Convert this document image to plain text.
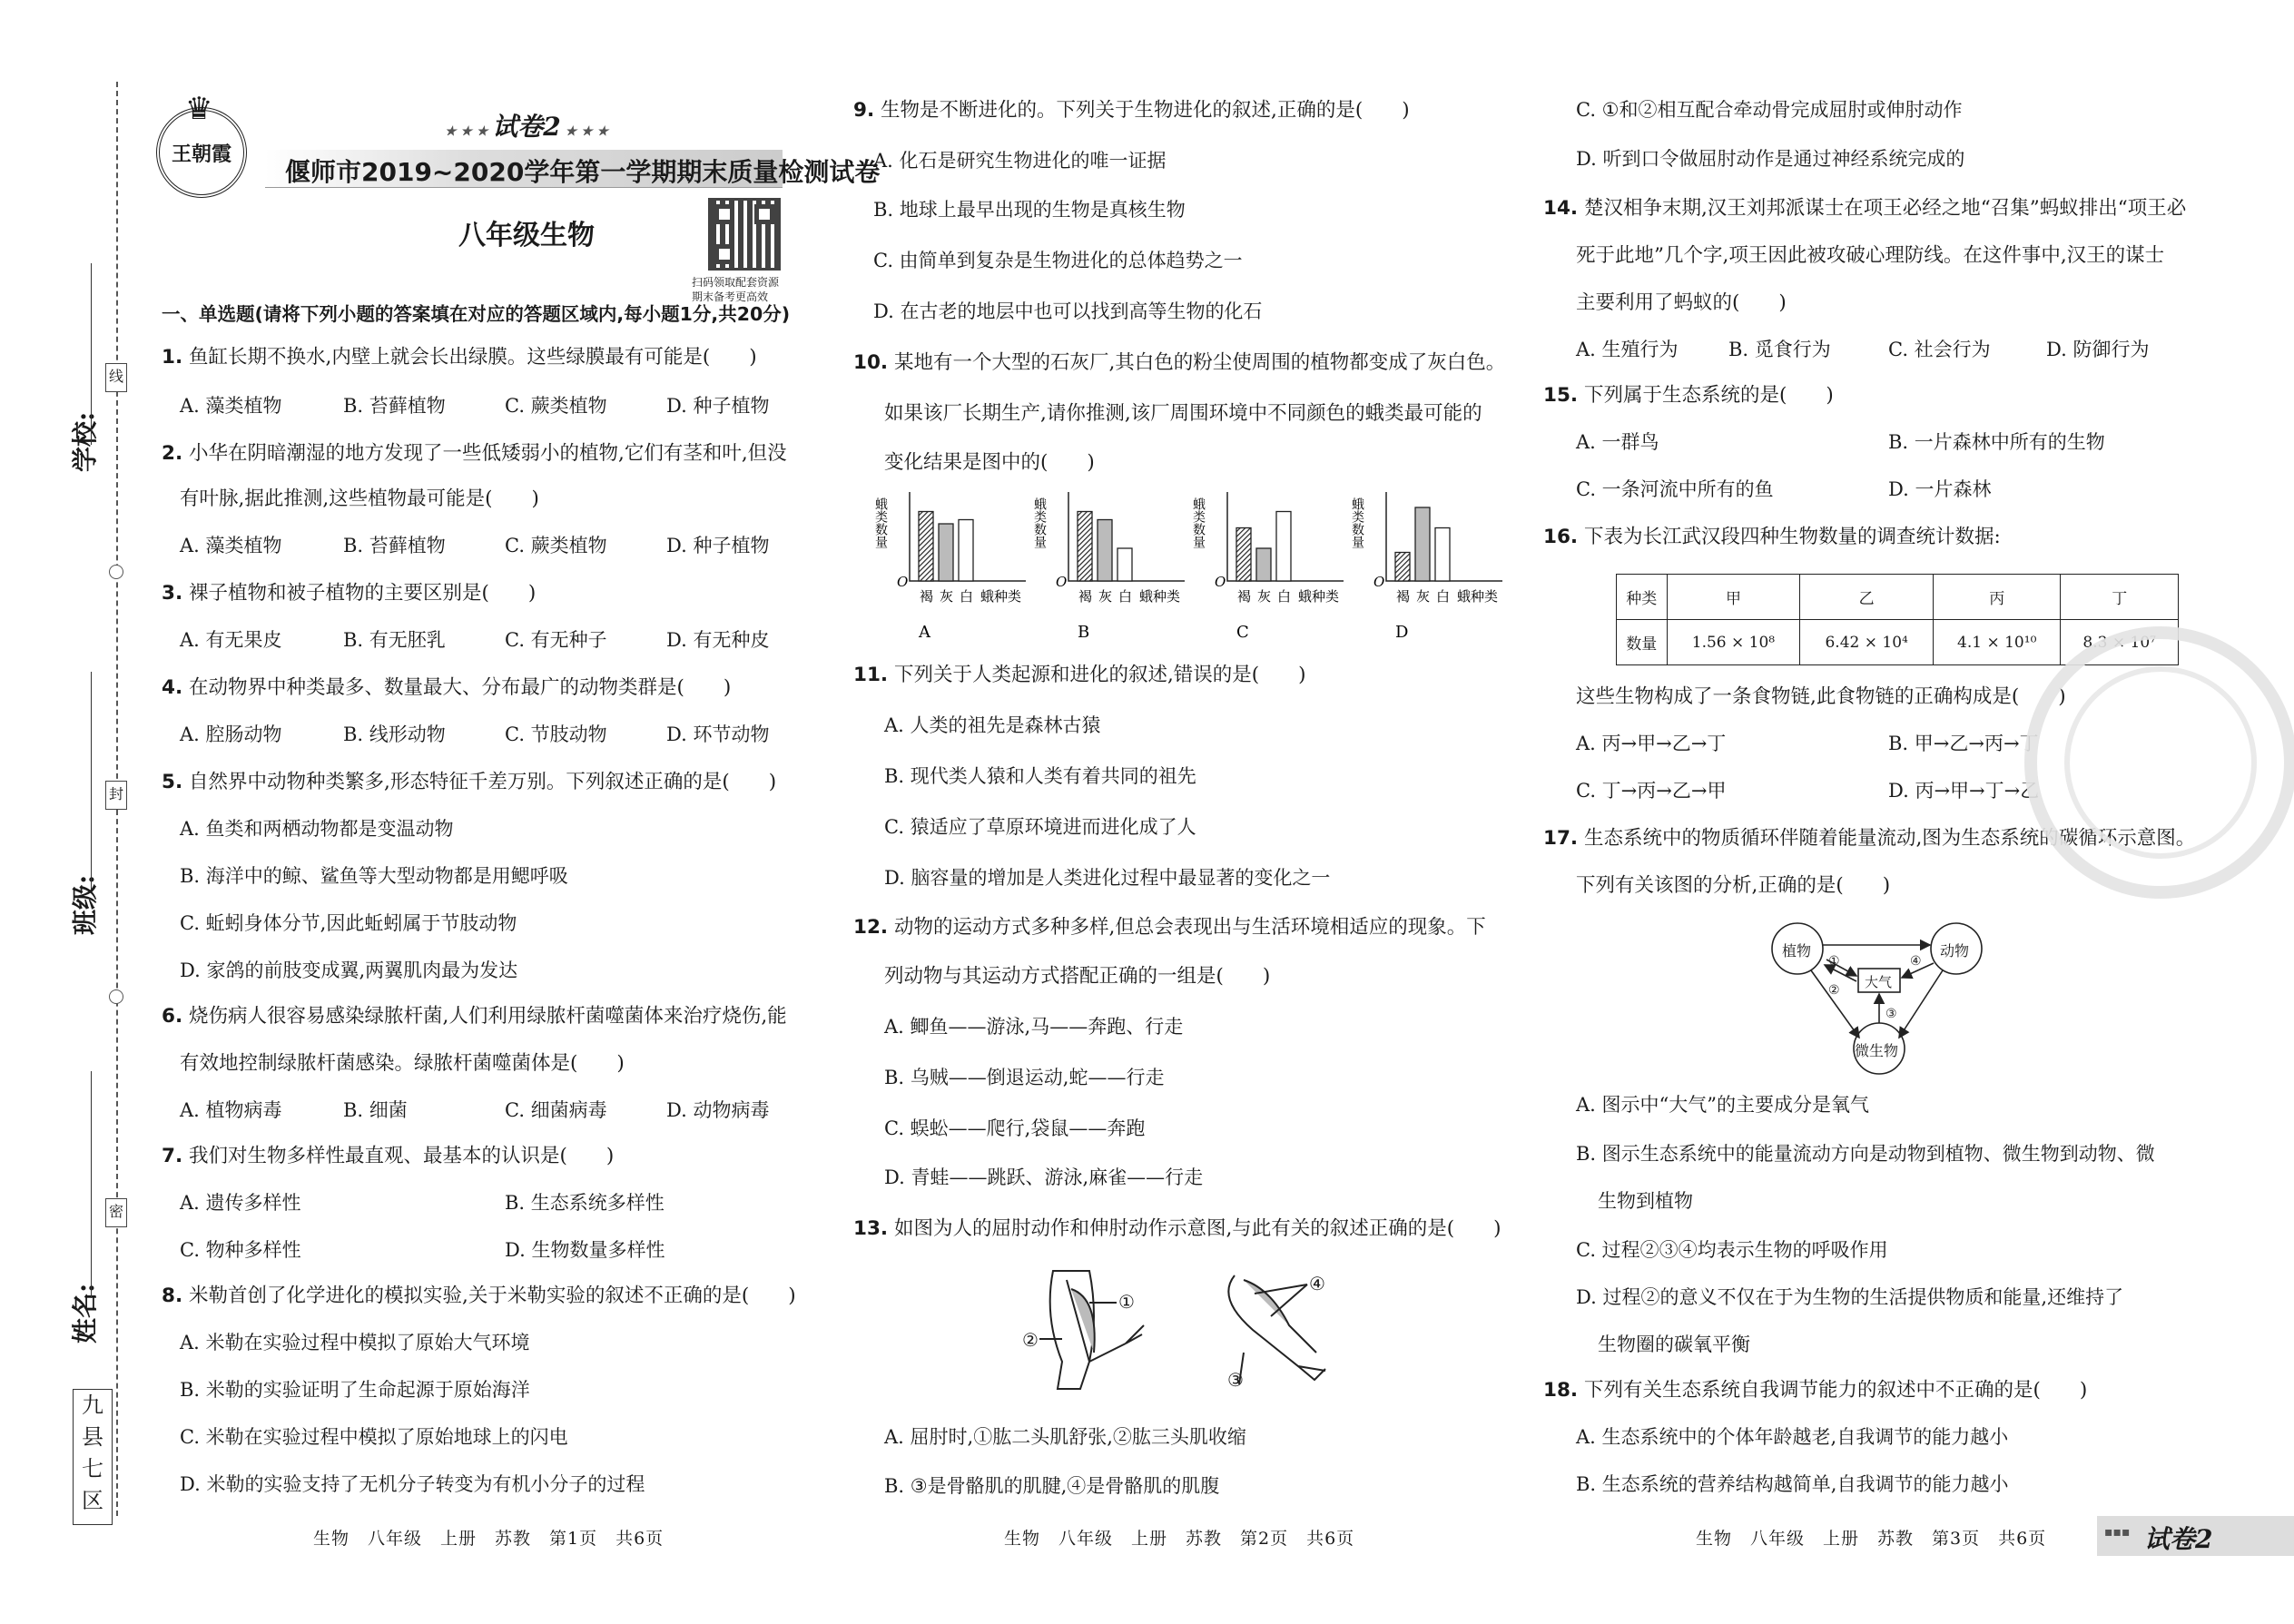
线
封
密
学校:
班级:
姓名:
九
县
七
区
♛
王朝霞
★ ★ ★ 试卷2 ★ ★ ★
偃师市2019~2020学年第一学期期末质量检测试卷
八年级生物
扫码领取配套资源
期末备考更高效
一、单选题(请将下列小题的答案填在对应的答题区域内,每小题1分,共20分)
1. 鱼缸长期不换水,内壁上就会长出绿膜。这些绿膜最有可能是(　　)
A. 藻类植物	B. 苔藓植物	C. 蕨类植物	D. 种子植物
2. 小华在阴暗潮湿的地方发现了一些低矮弱小的植物,它们有茎和叶,但没
有叶脉,据此推测,这些植物最可能是(　　)
A. 藻类植物	B. 苔藓植物	C. 蕨类植物	D. 种子植物
3. 裸子植物和被子植物的主要区别是(　　)
A. 有无果皮	B. 有无胚乳	C. 有无种子	D. 有无种皮
4. 在动物界中种类最多、数量最大、分布最广的动物类群是(　　)
A. 腔肠动物	B. 线形动物	C. 节肢动物	D. 环节动物
5. 自然界中动物种类繁多,形态特征千差万别。下列叙述正确的是(　　)
A. 鱼类和两栖动物都是变温动物
B. 海洋中的鲸、鲨鱼等大型动物都是用鳃呼吸
C. 蚯蚓身体分节,因此蚯蚓属于节肢动物
D. 家鸽的前肢变成翼,两翼肌肉最为发达
6. 烧伤病人很容易感染绿脓杆菌,人们利用绿脓杆菌噬菌体来治疗烧伤,能
有效地控制绿脓杆菌感染。绿脓杆菌噬菌体是(　　)
A. 植物病毒	B. 细菌	C. 细菌病毒	D. 动物病毒
7. 我们对生物多样性最直观、最基本的认识是(　　)
A. 遗传多样性	B. 生态系统多样性
C. 物种多样性	D. 生物数量多样性
8. 米勒首创了化学进化的模拟实验,关于米勒实验的叙述不正确的是(　　)
A. 米勒在实验过程中模拟了原始大气环境
B. 米勒的实验证明了生命起源于原始海洋
C. 米勒在实验过程中模拟了原始地球上的闪电
D. 米勒的实验支持了无机分子转变为有机小分子的过程
生物　八年级　上册　苏教　第1页　共6页
9. 生物是不断进化的。下列关于生物进化的叙述,正确的是(　　)
A. 化石是研究生物进化的唯一证据
B. 地球上最早出现的生物是真核生物
C. 由简单到复杂是生物进化的总体趋势之一
D. 在古老的地层中也可以找到高等生物的化石
10. 某地有一个大型的石灰厂,其白色的粉尘使周围的植物都变成了灰白色。
如果该厂长期生产,请你推测,该厂周围环境中不同颜色的蛾类最可能的
变化结果是图中的(　　)
蛾类数量
O
褐 灰 白 蛾种类
A
蛾类数量
O
褐 灰 白 蛾种类
B
蛾类数量
O
褐 灰 白 蛾种类
C
蛾类数量
O
褐 灰 白 蛾种类
D
11. 下列关于人类起源和进化的叙述,错误的是(　　)
A. 人类的祖先是森林古猿
B. 现代类人猿和人类有着共同的祖先
C. 猿适应了草原环境进而进化成了人
D. 脑容量的增加是人类进化过程中最显著的变化之一
12. 动物的运动方式多种多样,但总会表现出与生活环境相适应的现象。下
列动物与其运动方式搭配正确的一组是(　　)
A. 鲫鱼——游泳,马——奔跑、行走
B. 乌贼——倒退运动,蛇——行走
C. 蜈蚣——爬行,袋鼠——奔跑
D. 青蛙——跳跃、游泳,麻雀——行走
13. 如图为人的屈肘动作和伸肘动作示意图,与此有关的叙述正确的是(　　)
①
②
③
④
A. 屈肘时,①肱二头肌舒张,②肱三头肌收缩
B. ③是骨骼肌的肌腱,④是骨骼肌的肌腹
生物　八年级　上册　苏教　第2页　共6页
C. ①和②相互配合牵动骨完成屈肘或伸肘动作
D. 听到口令做屈肘动作是通过神经系统完成的
14. 楚汉相争末期,汉王刘邦派谋士在项王必经之地“召集”蚂蚁排出“项王必
死于此地”几个字,项王因此被攻破心理防线。在这件事中,汉王的谋士
主要利用了蚂蚁的(　　)
A. 生殖行为	B. 觅食行为	C. 社会行为	D. 防御行为
15. 下列属于生态系统的是(　　)
A. 一群鸟	B. 一片森林中所有的生物
C. 一条河流中所有的鱼	D. 一片森林
16. 下表为长江武汉段四种生物数量的调查统计数据:
种类	甲	乙	丙	丁
数量	1.56 × 10⁸	6.42 × 10⁴	4.1 × 10¹⁰	8.3 × 10⁷
这些生物构成了一条食物链,此食物链的正确构成是(　　)
A. 丙→甲→乙→丁	B. 甲→乙→丙→丁
C. 丁→丙→乙→甲	D. 丙→甲→丁→乙
17. 生态系统中的物质循环伴随着能量流动,图为生态系统的碳循环示意图。
下列有关该图的分析,正确的是(　　)
①
②
③
④
植物	动物
大气
微生物
A. 图示中“大气”的主要成分是氧气
B. 图示生态系统中的能量流动方向是动物到植物、微生物到动物、微
生物到植物
C. 过程②③④均表示生物的呼吸作用
D. 过程②的意义不仅在于为生物的生活提供物质和能量,还维持了
生物圈的碳氧平衡
18. 下列有关生态系统自我调节能力的叙述中不正确的是(　　)
A. 生态系统中的个体年龄越老,自我调节的能力越小
B. 生态系统的营养结构越简单,自我调节的能力越小
生物　八年级　上册　苏教　第3页　共6页	▪▪▪ 试卷2
